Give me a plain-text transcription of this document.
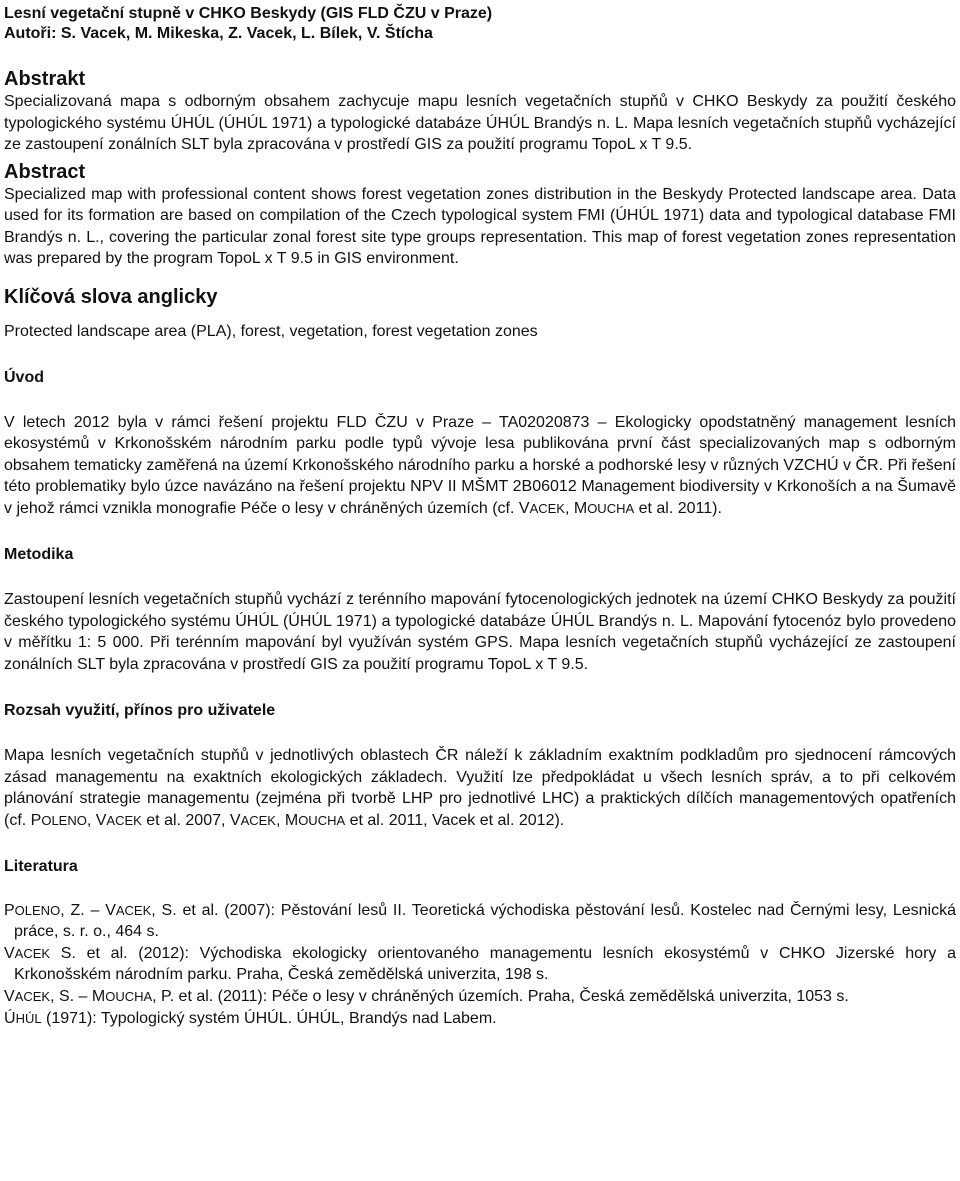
Lesní vegetační stupně v CHKO Beskydy (GIS FLD ČZU v Praze)

Autoři: S. Vacek, M. Mikeska, Z. Vacek, L. Bílek, V. Štícha

Abstrakt

Specializovaná mapa s odborným obsahem zachycuje mapu lesních vegetačních stupňů v CHKO Beskydy za použití českého typologického systému ÚHÚL (ÚHÚL 1971) a typologické databáze ÚHÚL Brandýs n. L. Mapa lesních vegetačních stupňů vycházející ze zastoupení zonálních SLT byla zpracována v prostředí GIS za použití programu TopoL x T 9.5.

Abstract

Specialized map with professional content shows forest vegetation zones distribution in the Beskydy Protected landscape area. Data used for its formation are based on compilation of the Czech typological system FMI (ÚHÚL 1971) data and typological database FMI Brandýs n. L., covering the particular zonal forest site type groups representation. This map of forest vegetation zones representation was prepared by the program TopoL x T 9.5 in GIS environment.

Klíčová slova anglicky

Protected landscape area (PLA), forest, vegetation, forest vegetation zones

Úvod

V letech 2012 byla v rámci řešení projektu FLD ČZU v Praze – TA02020873 – Ekologicky opodstatněný management lesních ekosystémů v Krkonošském národním parku podle typů vývoje lesa publikována první část specializovaných map s odborným obsahem tematicky zaměřená na území Krkonošského národního parku a horské a podhorské lesy v různých VZCHÚ v ČR. Při řešení této problematiky bylo úzce navázáno na řešení projektu NPV II MŠMT 2B06012 Management biodiversity v Krkonoších a na Šumavě v jehož rámci vznikla monografie Péče o lesy v chráněných územích (cf. VACEK, MOUCHA et al. 2011).

Metodika

Zastoupení lesních vegetačních stupňů vychází z terénního mapování fytocenologických jednotek na území CHKO Beskydy za použití českého typologického systému ÚHÚL (ÚHÚL 1971) a typologické databáze ÚHÚL Brandýs n. L. Mapování fytocenóz bylo provedeno v měřítku 1: 5 000. Při terénním mapování byl využíván systém GPS. Mapa lesních vegetačních stupňů vycházející ze zastoupení zonálních SLT byla zpracována v prostředí GIS za použití programu TopoL x T 9.5.

Rozsah využití, přínos pro uživatele

Mapa lesních vegetačních stupňů v jednotlivých oblastech ČR náleží k základním exaktním podkladům pro sjednocení rámcových zásad managementu na exaktních ekologických základech. Využití lze předpokládat u všech lesních správ, a to při celkovém plánování strategie managementu (zejména při tvorbě LHP pro jednotlivé LHC) a praktických dílčích managementových opatřeních (cf. POLENO, VACEK et al. 2007, VACEK, MOUCHA et al. 2011, Vacek et al. 2012).

Literatura

POLENO, Z. – VACEK, S. et al. (2007): Pěstování lesů II. Teoretická východiska pěstování lesů. Kostelec nad Černými lesy, Lesnická práce, s. r. o., 464 s.

VACEK S. et al. (2012): Východiska ekologicky orientovaného managementu lesních ekosystémů v CHKO Jizerské hory a Krkonošském národním parku. Praha, Česká zemědělská univerzita, 198 s.

VACEK, S. – MOUCHA, P. et al. (2011): Péče o lesy v chráněných územích. Praha, Česká zemědělská univerzita, 1053 s.

ÚHÚL (1971): Typologický systém ÚHÚL. ÚHÚL, Brandýs nad Labem.
